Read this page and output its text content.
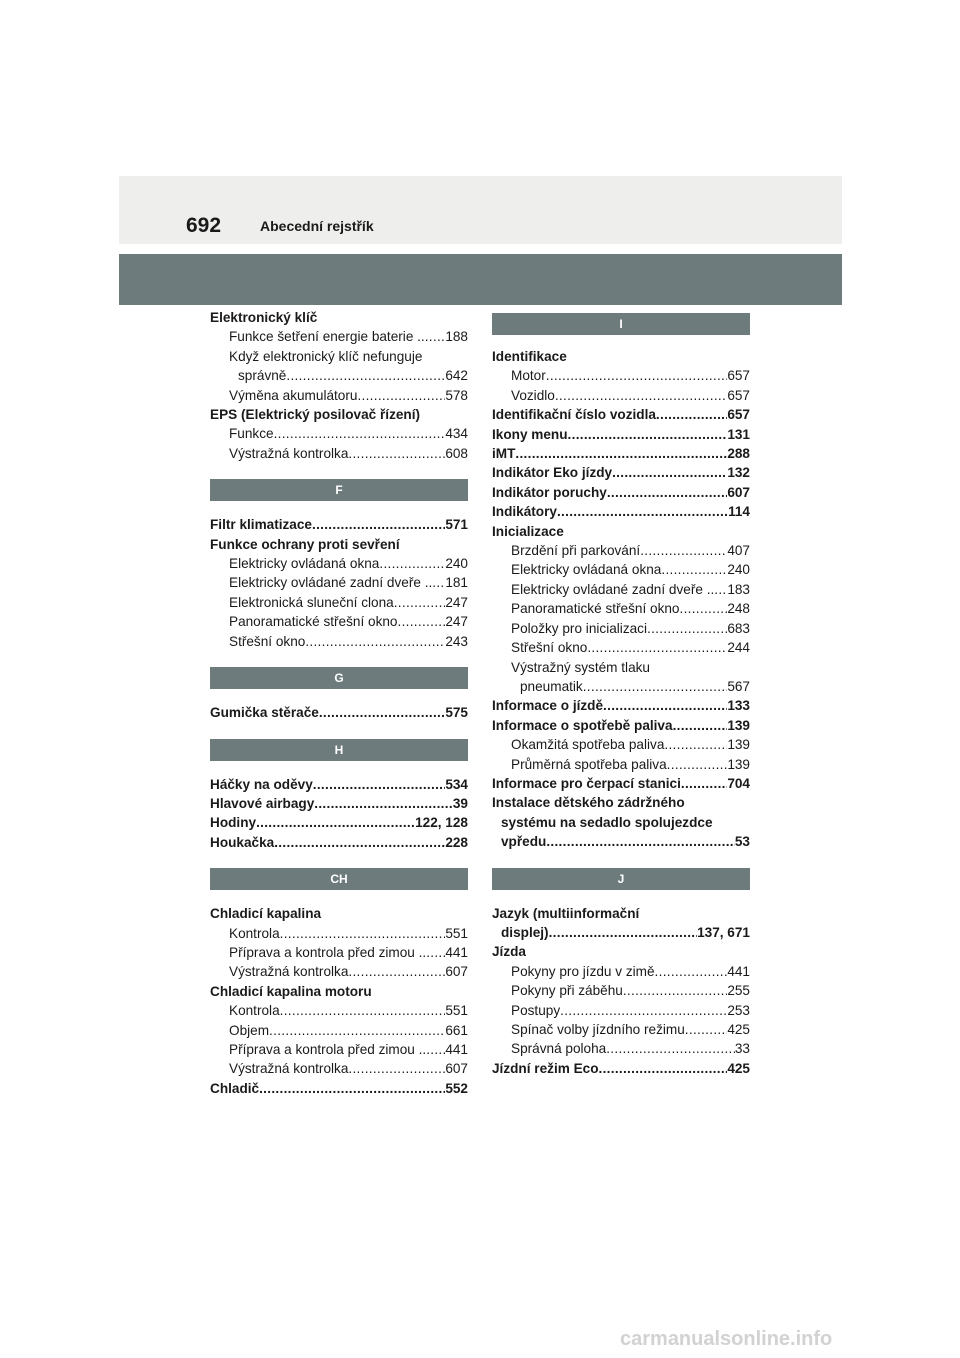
692	Abecední rejstřík
Elektronický klíč
Funkce šetření energie baterie .. ..... 188
Když elektronický klíč nefunguje
správně .....	642
Výměna akumulátoru .....	578
EPS (Elektrický posilovač řízení)
Funkce .....	434
Výstražná kontrolka .....	608
F
Filtr klimatizace .....	571
Funkce ochrany proti sevření
Elektricky ovládaná okna .....	240
Elektricky ovládané zadní dveře .. ..... 181
Elektronická sluneční clona .....	247
Panoramatické střešní okno .....	247
Střešní okno .....	243
G
Gumička stěrače .....	575
H
Háčky na oděvy .....	534
Hlavové airbagy .....	39
Hodiny .....	122, 128
Houkačka .....	228
CH
Chladicí kapalina
Kontrola .....	551
Příprava a kontrola před zimou .. ..... 441
Výstražná kontrolka .....	607
Chladicí kapalina motoru
Kontrola .....	551
Objem .....	661
Příprava a kontrola před zimou .. ..... 441
Výstražná kontrolka .....	607
Chladič .....	552
I
Identifikace
Motor .....	657
Vozidlo .....	657
Identifikační číslo vozidla .....	657
Ikony menu .....	131
iMT .....	288
Indikátor Eko jízdy .....	132
Indikátor poruchy .....	607
Indikátory .....	114
Inicializace
Brzdění při parkování .....	407
Elektricky ovládaná okna .....	240
Elektricky ovládané zadní dveře .. ..... 183
Panoramatické střešní okno .....	248
Položky pro inicializaci .....	683
Střešní okno .....	244
Výstražný systém tlaku
pneumatik .....	567
Informace o jízdě .....	133
Informace o spotřebě paliva .....	139
Okamžitá spotřeba paliva .....	139
Průměrná spotřeba paliva .....	139
Informace pro čerpací stanici .....	704
Instalace dětského zádržného
systému na sedadlo spolujezdce
vpředu .....	53
J
Jazyk (multiinformační
displej) .....	137, 671
Jízda
Pokyny pro jízdu v zimě .....	441
Pokyny při záběhu .....	255
Postupy .....	253
Spínač volby jízdního režimu .....	425
Správná poloha .....	33
Jízdní režim Eco .....	425
carmanualsonline.info
